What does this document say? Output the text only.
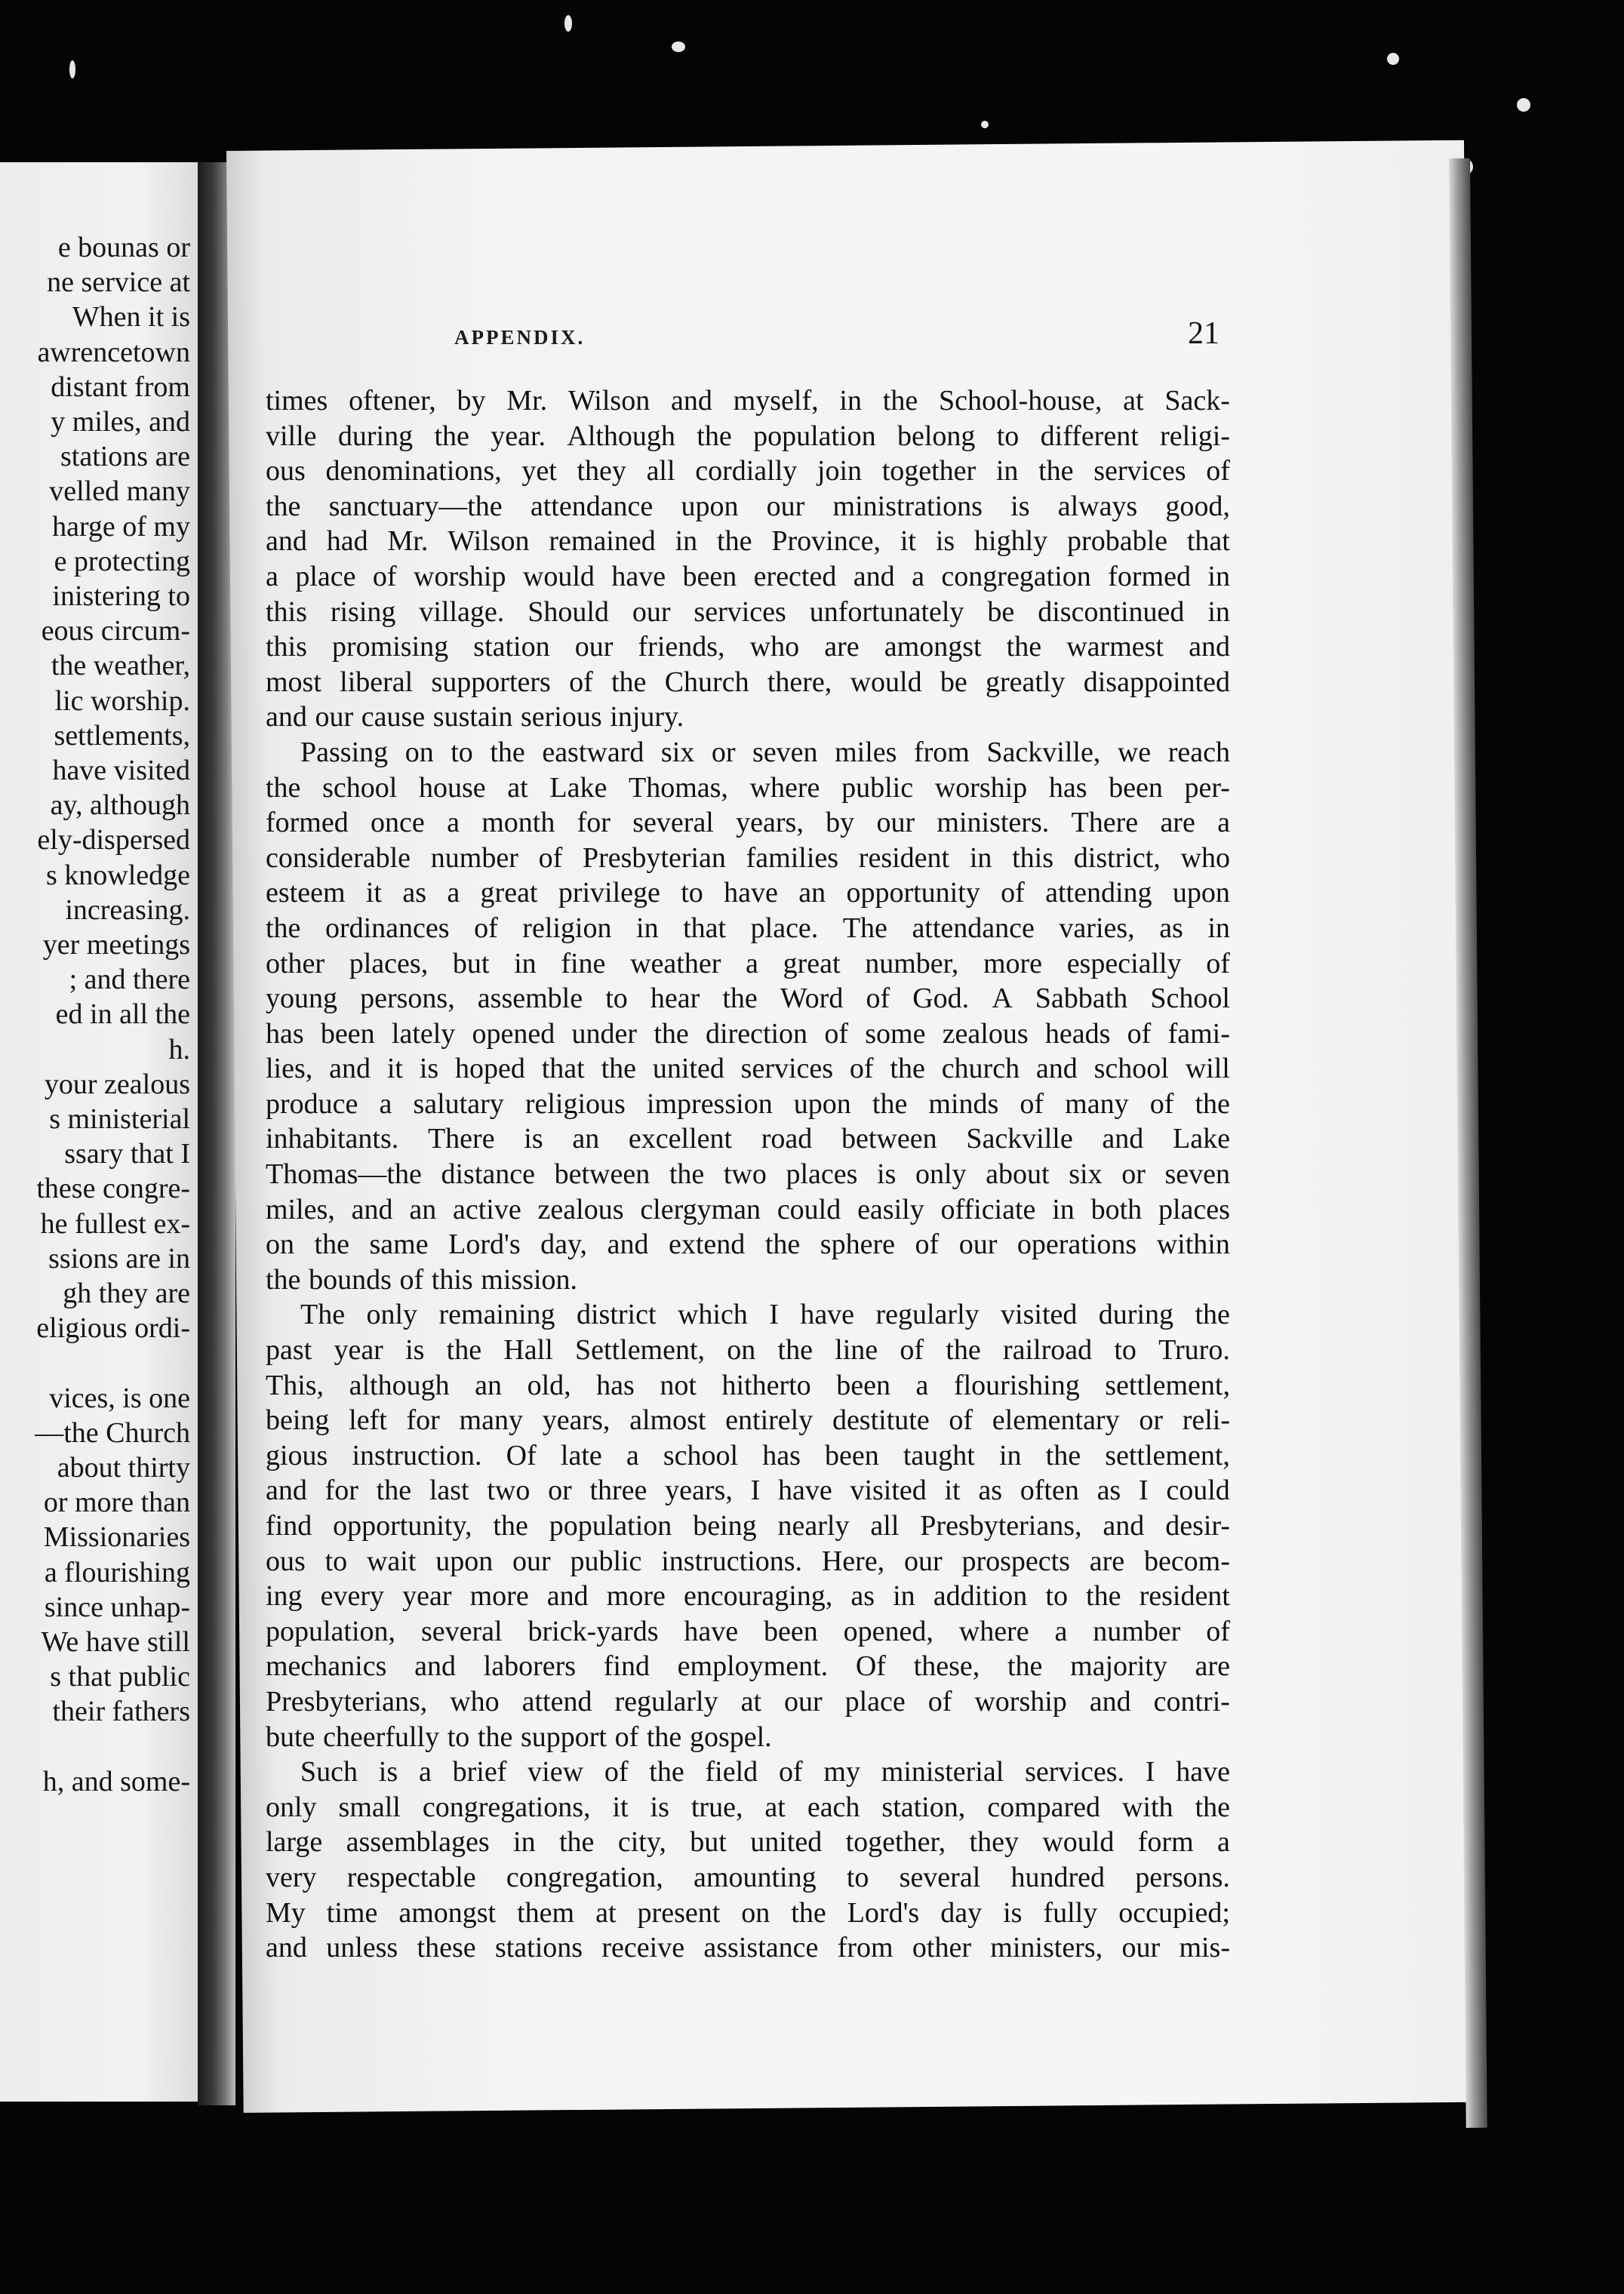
e bounas or
ne service at
When it is
awrencetown
distant from
y miles, and
stations are
velled many
harge of my
e protecting
inistering to
eous circum-
the weather,
lic worship.
settlements,
have visited
ay, although
ely-dispersed
s knowledge
increasing.
yer meetings
; and there
ed in all the
h.
your zealous
s ministerial
ssary that I
these congre-
he fullest ex-
ssions are in
gh they are
eligious ordi-
vices, is one
—the Church
about thirty
or more than
Missionaries
a flourishing
since unhap-
We have still
s that public
their fathers
h, and some-
APPENDIX.	21
times oftener, by Mr. Wilson and myself, in the School-house, at Sack-
ville during the year. Although the population belong to different religi-
ous denominations, yet they all cordially join together in the services of
the sanctuary—the attendance upon our ministrations is always good,
and had Mr. Wilson remained in the Province, it is highly probable that
a place of worship would have been erected and a congregation formed in
this rising village. Should our services unfortunately be discontinued in
this promising station our friends, who are amongst the warmest and
most liberal supporters of the Church there, would be greatly disappointed
and our cause sustain serious injury.
Passing on to the eastward six or seven miles from Sackville, we reach
the school house at Lake Thomas, where public worship has been per-
formed once a month for several years, by our ministers. There are a
considerable number of Presbyterian families resident in this district, who
esteem it as a great privilege to have an opportunity of attending upon
the ordinances of religion in that place. The attendance varies, as in
other places, but in fine weather a great number, more especially of
young persons, assemble to hear the Word of God. A Sabbath School
has been lately opened under the direction of some zealous heads of fami-
lies, and it is hoped that the united services of the church and school will
produce a salutary religious impression upon the minds of many of the
inhabitants. There is an excellent road between Sackville and Lake
Thomas—the distance between the two places is only about six or seven
miles, and an active zealous clergyman could easily officiate in both places
on the same Lord's day, and extend the sphere of our operations within
the bounds of this mission.
The only remaining district which I have regularly visited during the
past year is the Hall Settlement, on the line of the railroad to Truro.
This, although an old, has not hitherto been a flourishing settlement,
being left for many years, almost entirely destitute of elementary or reli-
gious instruction. Of late a school has been taught in the settlement,
and for the last two or three years, I have visited it as often as I could
find opportunity, the population being nearly all Presbyterians, and desir-
ous to wait upon our public instructions. Here, our prospects are becom-
ing every year more and more encouraging, as in addition to the resident
population, several brick-yards have been opened, where a number of
mechanics and laborers find employment. Of these, the majority are
Presbyterians, who attend regularly at our place of worship and contri-
bute cheerfully to the support of the gospel.
Such is a brief view of the field of my ministerial services. I have
only small congregations, it is true, at each station, compared with the
large assemblages in the city, but united together, they would form a
very respectable congregation, amounting to several hundred persons.
My time amongst them at present on the Lord's day is fully occupied;
and unless these stations receive assistance from other ministers, our mis-
